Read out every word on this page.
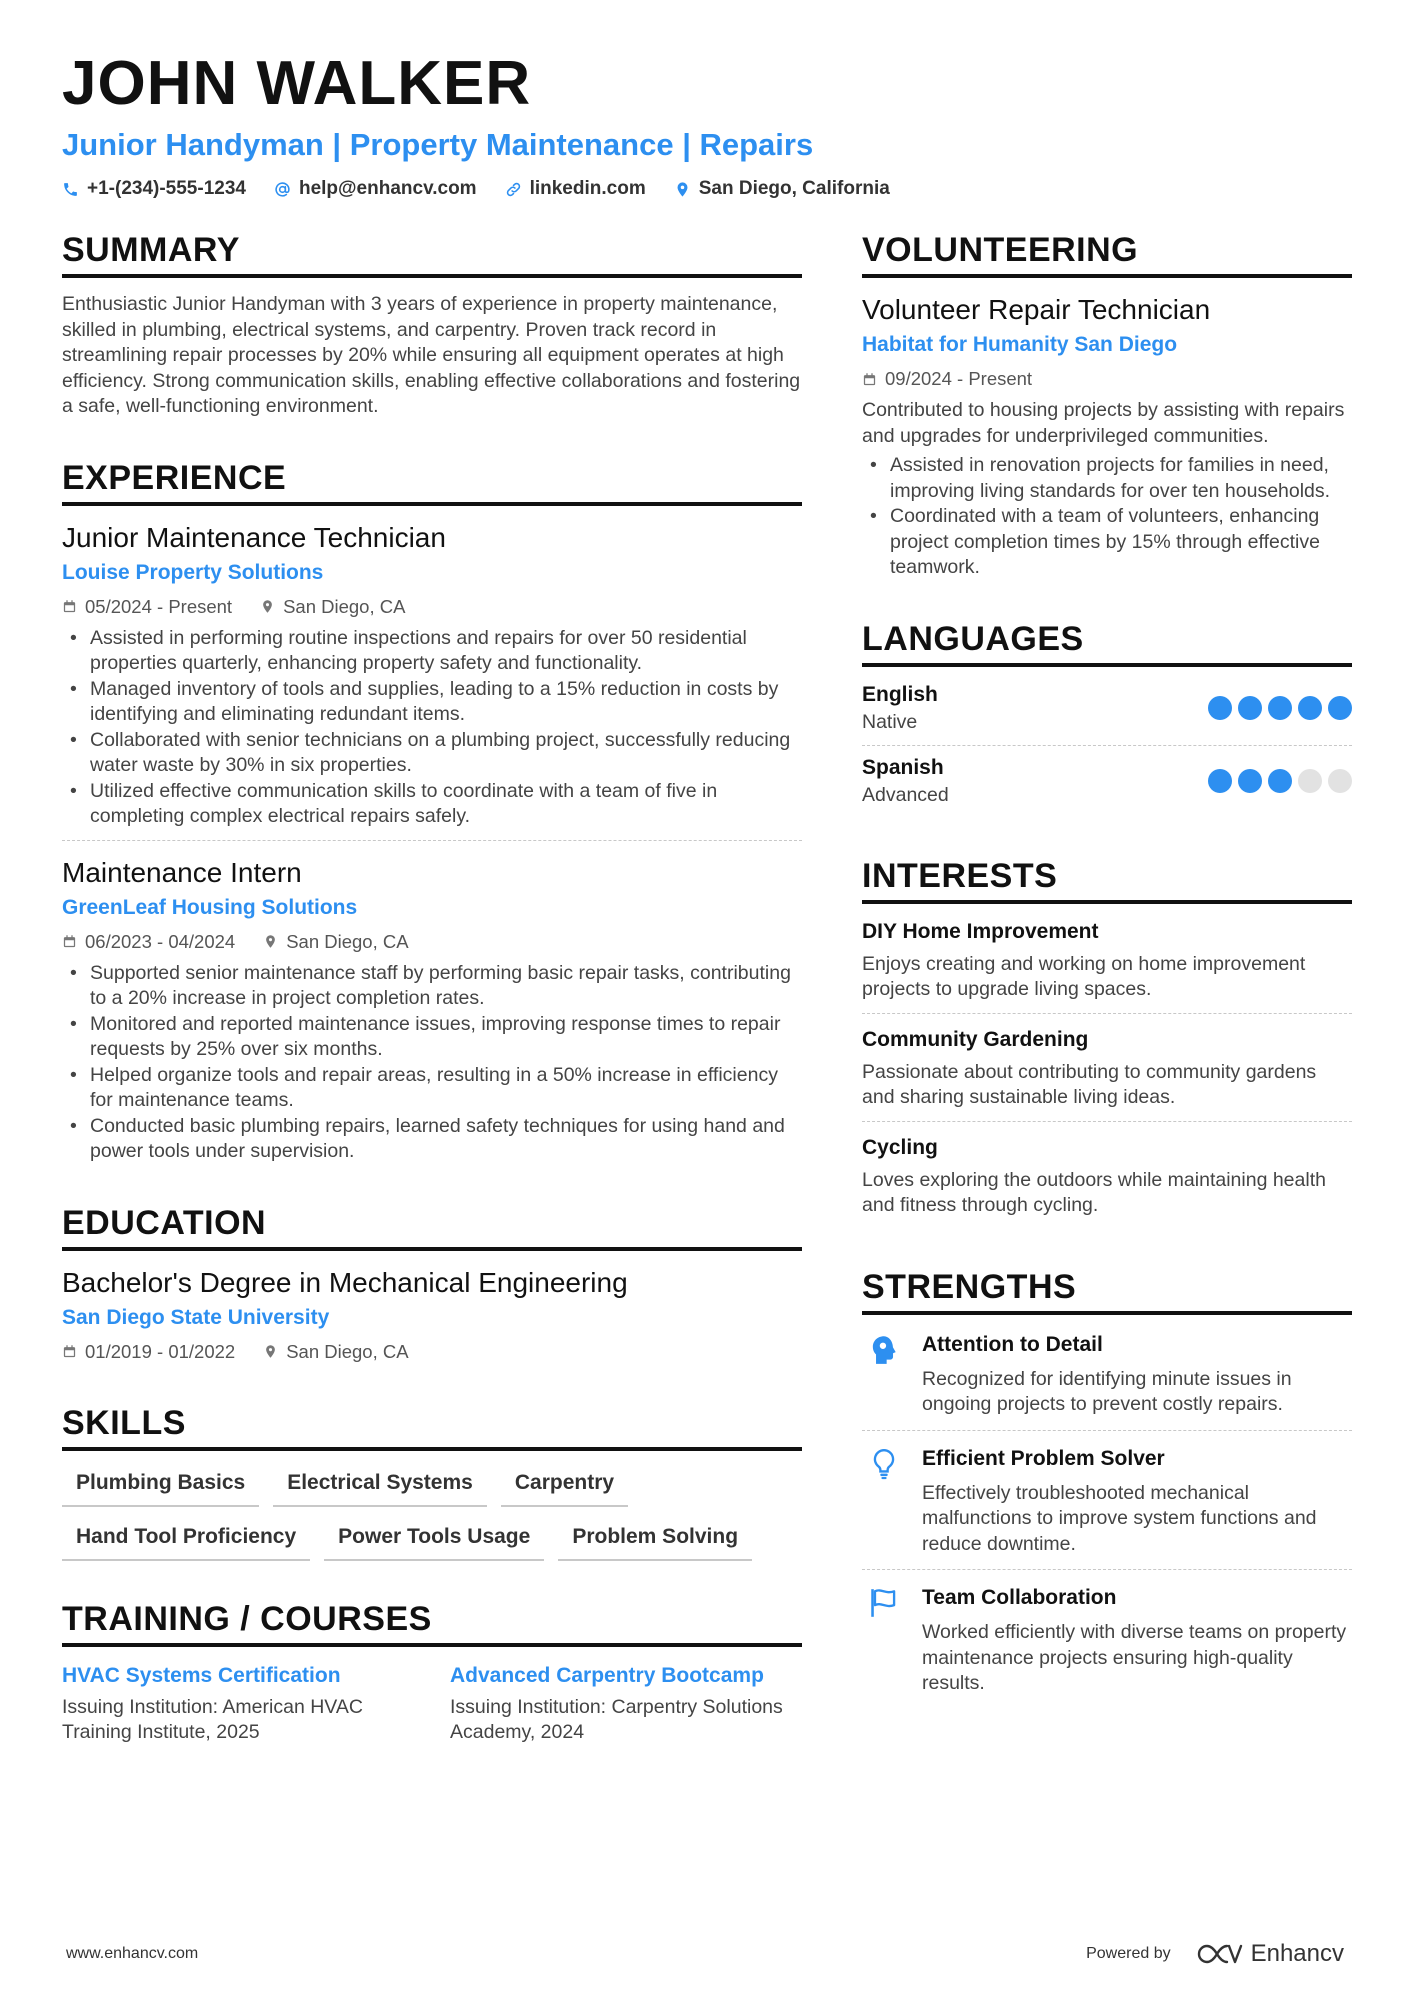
JOHN WALKER
Junior Handyman | Property Maintenance | Repairs
+1-(234)-555-1234	help@enhancv.com	linkedin.com	San Diego, California
SUMMARY
Enthusiastic Junior Handyman with 3 years of experience in property maintenance, skilled in plumbing, electrical systems, and carpentry. Proven track record in streamlining repair processes by 20% while ensuring all equipment operates at high efficiency. Strong communication skills, enabling effective collaborations and fostering a safe, well-functioning environment.
EXPERIENCE
Junior Maintenance Technician
Louise Property Solutions
05/2024 - Present	San Diego, CA
• Assisted in performing routine inspections and repairs for over 50 residential properties quarterly, enhancing property safety and functionality.
• Managed inventory of tools and supplies, leading to a 15% reduction in costs by identifying and eliminating redundant items.
• Collaborated with senior technicians on a plumbing project, successfully reducing water waste by 30% in six properties.
• Utilized effective communication skills to coordinate with a team of five in completing complex electrical repairs safely.
Maintenance Intern
GreenLeaf Housing Solutions
06/2023 - 04/2024	San Diego, CA
• Supported senior maintenance staff by performing basic repair tasks, contributing to a 20% increase in project completion rates.
• Monitored and reported maintenance issues, improving response times to repair requests by 25% over six months.
• Helped organize tools and repair areas, resulting in a 50% increase in efficiency for maintenance teams.
• Conducted basic plumbing repairs, learned safety techniques for using hand and power tools under supervision.
EDUCATION
Bachelor's Degree in Mechanical Engineering
San Diego State University
01/2019 - 01/2022	San Diego, CA
SKILLS
Plumbing Basics	Electrical Systems	Carpentry
Hand Tool Proficiency	Power Tools Usage	Problem Solving
TRAINING / COURSES
HVAC Systems Certification
Issuing Institution: American HVAC Training Institute, 2025
Advanced Carpentry Bootcamp
Issuing Institution: Carpentry Solutions Academy, 2024
VOLUNTEERING
Volunteer Repair Technician
Habitat for Humanity San Diego
09/2024 - Present
Contributed to housing projects by assisting with repairs and upgrades for underprivileged communities.
• Assisted in renovation projects for families in need, improving living standards for over ten households.
• Coordinated with a team of volunteers, enhancing project completion times by 15% through effective teamwork.
LANGUAGES
English
Native
Spanish
Advanced
INTERESTS
DIY Home Improvement
Enjoys creating and working on home improvement projects to upgrade living spaces.
Community Gardening
Passionate about contributing to community gardens and sharing sustainable living ideas.
Cycling
Loves exploring the outdoors while maintaining health and fitness through cycling.
STRENGTHS
Attention to Detail
Recognized for identifying minute issues in ongoing projects to prevent costly repairs.
Efficient Problem Solver
Effectively troubleshooted mechanical malfunctions to improve system functions and reduce downtime.
Team Collaboration
Worked efficiently with diverse teams on property maintenance projects ensuring high-quality results.
www.enhancv.com	Powered by	Enhancv
